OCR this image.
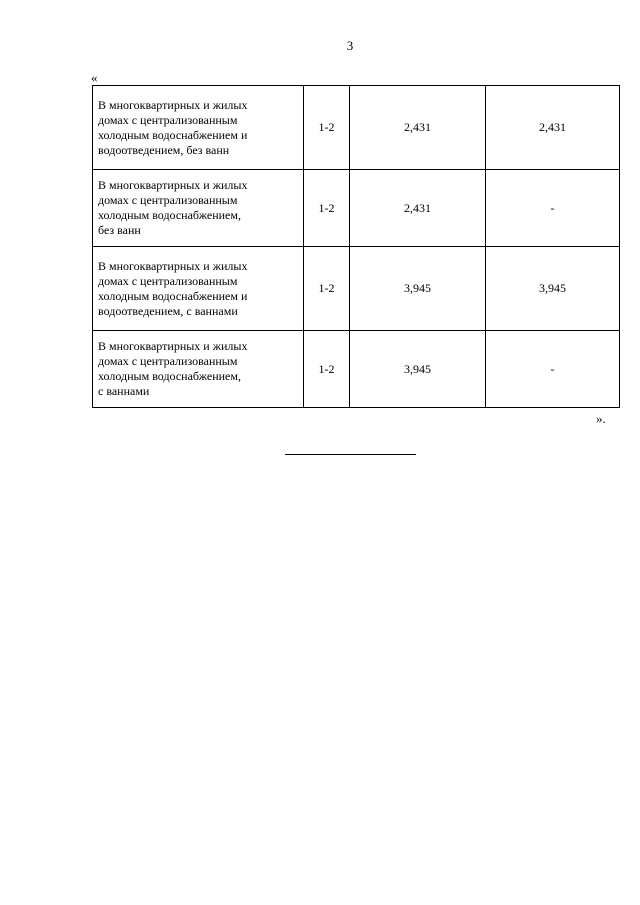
3
«
В многоквартирных и жилых
домах с централизованным
холодным водоснабжением и
водоотведением, без ванн	1-2	2,431	2,431

В многоквартирных и жилых
домах с централизованным
холодным водоснабжением,
без ванн	1-2	2,431	-

В многоквартирных и жилых
домах с централизованным
холодным водоснабжением и
водоотведением, с ваннами	1-2	3,945	3,945

В многоквартирных и жилых
домах с централизованным
холодным водоснабжением,
с ваннами	1-2	3,945	-
».
